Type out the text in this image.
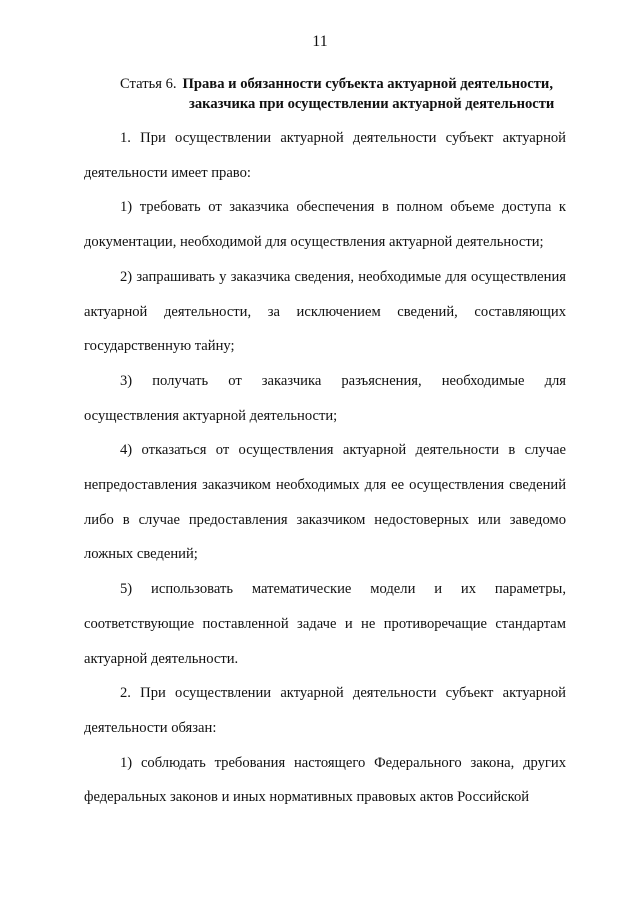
11
Статья 6. Права и обязанности субъекта актуарной деятельности,
заказчика при осуществлении актуарной деятельности

1. При осуществлении актуарной деятельности субъект актуарной деятельности имеет право:

1) требовать от заказчика обеспечения в полном объеме доступа к документации, необходимой для осуществления актуарной деятельности;

2) запрашивать у заказчика сведения, необходимые для осуществления актуарной деятельности, за исключением сведений, составляющих государственную тайну;

3) получать от заказчика разъяснения, необходимые для осуществления актуарной деятельности;

4) отказаться от осуществления актуарной деятельности в случае непредоставления заказчиком необходимых для ее осуществления сведений либо в случае предоставления заказчиком недостоверных или заведомо ложных сведений;

5) использовать математические модели и их параметры, соответствующие поставленной задаче и не противоречащие стандартам актуарной деятельности.

2. При осуществлении актуарной деятельности субъект актуарной деятельности обязан:

1) соблюдать требования настоящего Федерального закона, других федеральных законов и иных нормативных правовых актов Российской
